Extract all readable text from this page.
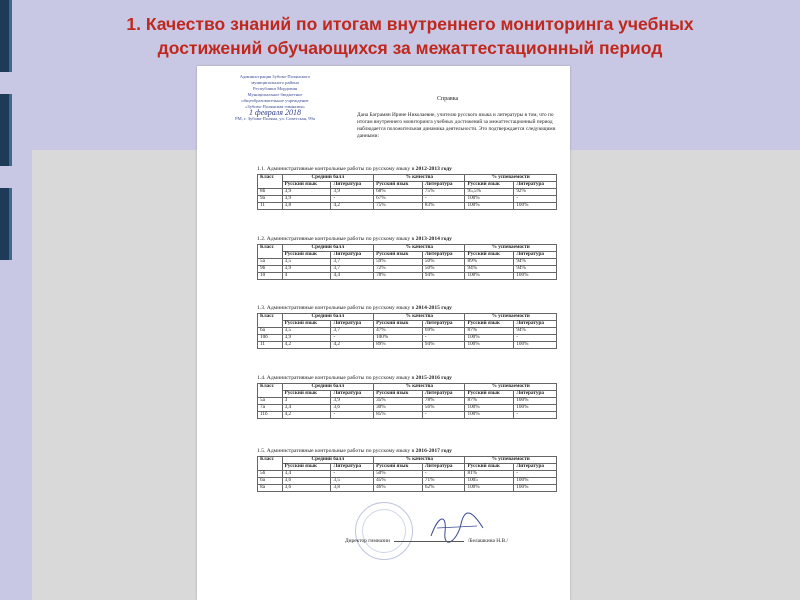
1. Качество знаний по итогам внутреннего мониторинга учебных
достижений обучающихся за межаттестационный период
Администрация Зубово-Полянского
муниципального района
Республики Мордовия
Муниципальное бюджетное
общеобразовательное учреждение
«Зубово-Полянская гимназия»
1 февраля 2018
РМ, г. Зубова-Поляна, ул. Советская, 99а
Справка
Дана Баграмян Ирине Николаевне, учителю русского языка и литературы в том, что по итогам внутреннего мониторинга учебных достижений за межаттестационный период наблюдается положительная динамика деятельности. Это подтверждается следующими данными:
1.1. Административные контрольные работы по русскому языку в 2012-2013 году
Класс	Средний балл		% качества		% успеваемости	
	Русский язык	Литература	Русский язык	Литература	Русский язык	Литература
8б	3,9	3,9	68%	75%	95,5%	92%
9а	3,9	-	67%	-	100%	-
11	3,8	4,2	75%	83%	100%	100%
1.2. Административные контрольные работы по русскому языку в 2013-2014 году
Класс	Средний балл		% качества		% успеваемости	
	Русский язык	Литература	Русский язык	Литература	Русский язык	Литература
5а	3,5	3,7	59%	50%	89%	94%
9б	3,9	3,7	72%	50%	94%	94%
10	4	4,4	78%	94%	100%	100%
1.3. Административные контрольные работы по русскому языку в 2014-2015 году
Класс	Средний балл		% качества		% успеваемости	
	Русский язык	Литература	Русский язык	Литература	Русский язык	Литература
6а	3,5	3,7	47%	69%	87%	94%
10б	3,9	-	100%	-	100%	-
11	4,2	4,2	89%	94%	100%	100%
1.4. Административные контрольные работы по русскому языку в 2015-2016 году
Класс	Средний балл		% качества		% успеваемости	
	Русский язык	Литература	Русский язык	Литература	Русский язык	Литература
5а	3	3,9	35%	78%	87%	100%
7а	3,4	3,6	30%	56%	100%	100%
11б	4,2	-	85%	-	100%	-
1.5. Административные контрольные работы по русскому языку в 2016-2017 году
Класс	Средний балл		% качества		% успеваемости	
	Русский язык	Литература	Русский язык	Литература	Русский язык	Литература
5б	3,4	-	50%	-	81%	-
6а	3,6	3,5	45%	71%	1005	100%
8а	3,6	3,8	46%	62%	100%	100%
Директор гимназии	/Белашкина Н.В./
